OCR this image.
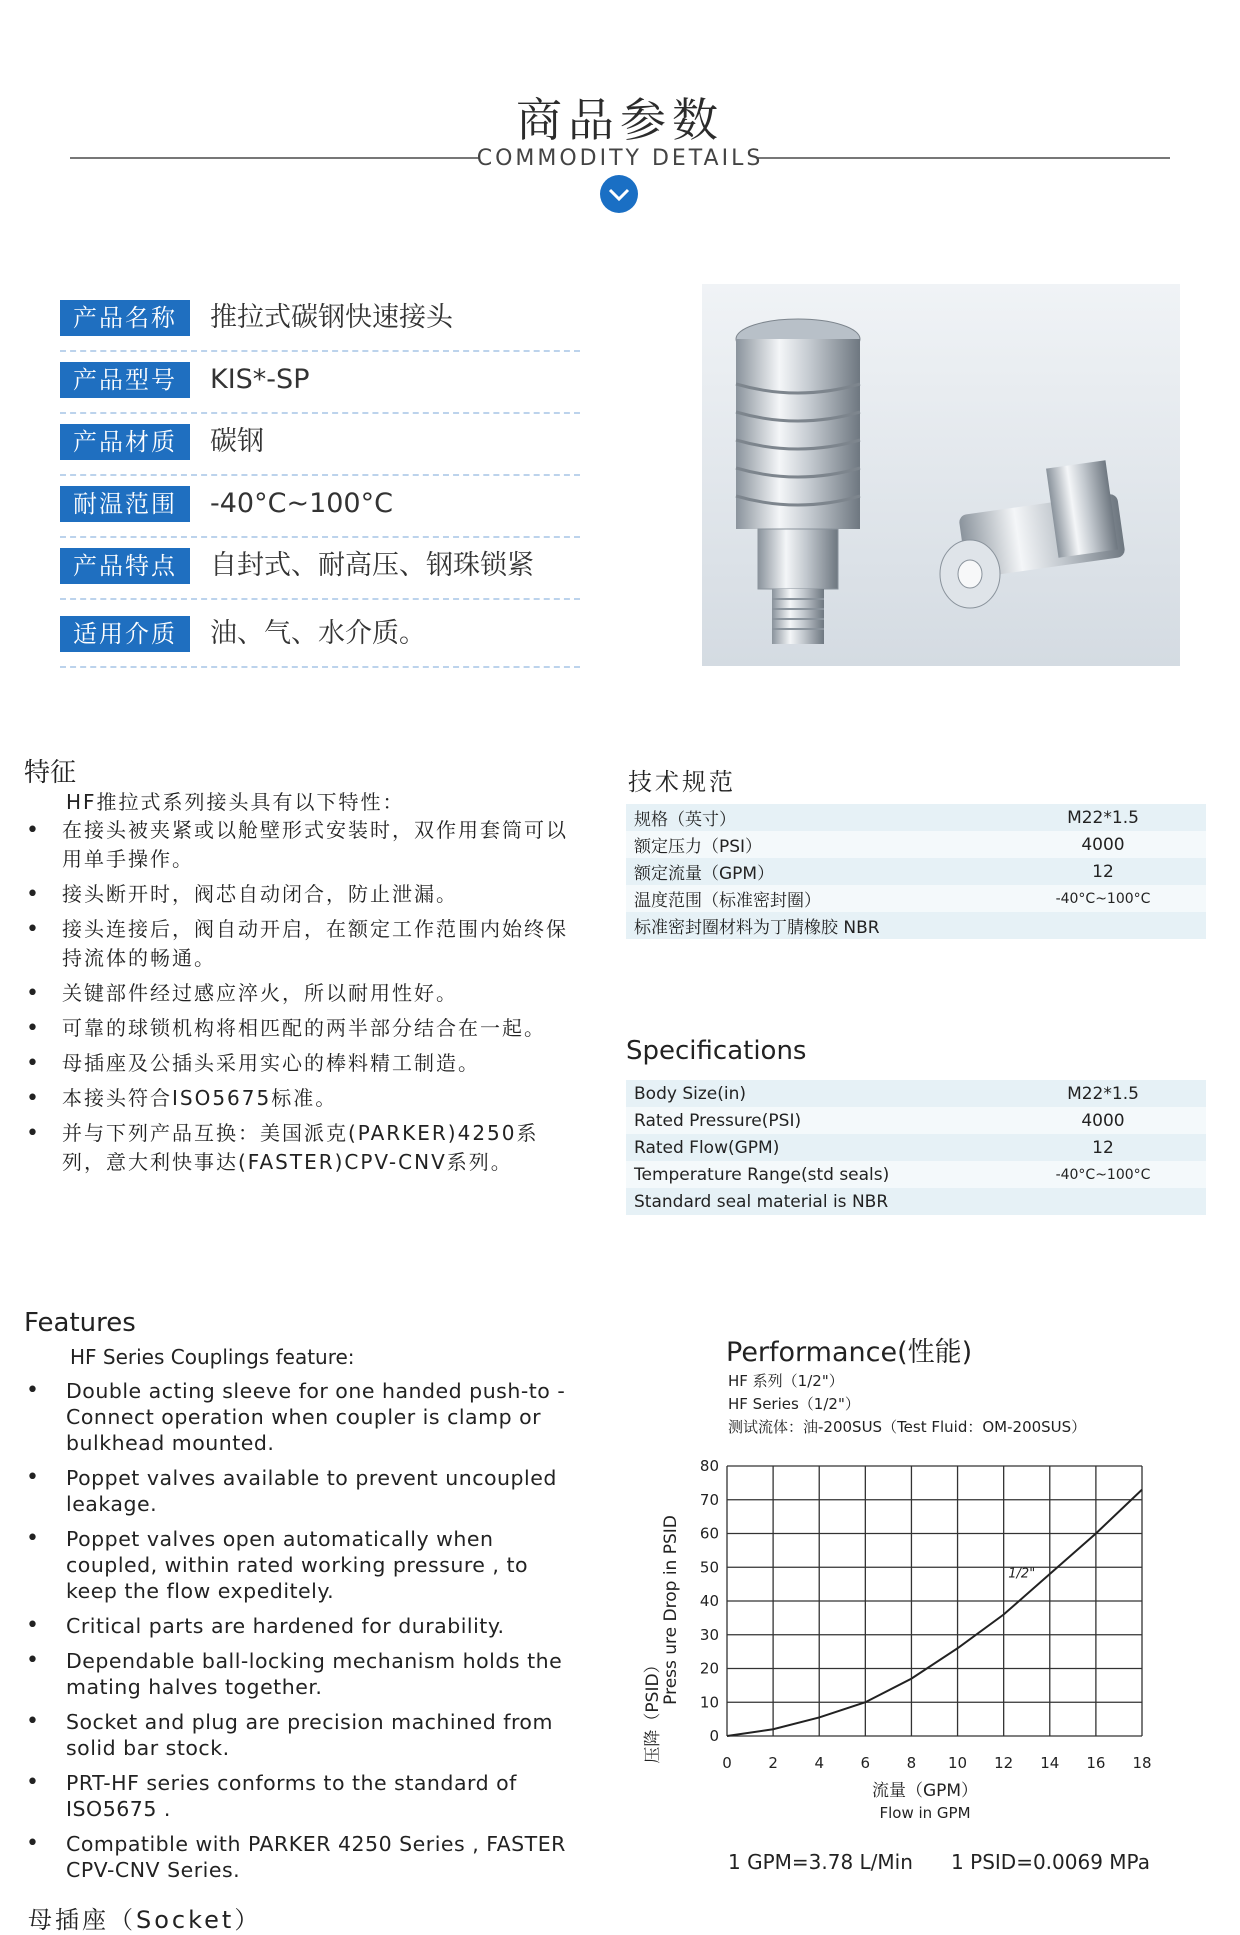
商品参数
COMMODITY DETAILS
产品名称	推拉式碳钢快速接头
产品型号	KIS*-SP
产品材质	碳钢
耐温范围	-40°C~100°C
产品特点	自封式、耐高压、钢珠锁紧
适用介质	油、气、水介质。
特征
HF推拉式系列接头具有以下特性：
• 在接头被夹紧或以舱壁形式安装时，双作用套筒可以用单手操作。
• 接头断开时，阀芯自动闭合，防止泄漏。
• 接头连接后，阀自动开启，在额定工作范围内始终保持流体的畅通。
• 关键部件经过感应淬火，所以耐用性好。
• 可靠的球锁机构将相匹配的两半部分结合在一起。
• 母插座及公插头采用实心的棒料精工制造。
• 本接头符合ISO5675标准。
• 并与下列产品互换：美国派克(PARKER)4250系列，意大利快事达(FASTER)CPV-CNV系列。
技术规范
规格（英寸）	M22*1.5
额定压力（PSI）	4000
额定流量（GPM）	12
温度范围（标准密封圈）	-40°C~100°C
标准密封圈材料为丁腈橡胶 NBR	
Specifications
Body Size(in)	M22*1.5
Rated Pressure(PSI)	4000
Rated Flow(GPM)	12
Temperature Range(std seals)	-40°C~100°C
Standard seal material is NBR	
Features
HF Series Couplings feature:
• Double acting sleeve for one handed push-to -Connect operation when coupler is clamp or bulkhead mounted.
• Poppet valves available to prevent uncoupled leakage.
• Poppet valves open automatically when coupled, within rated working pressure , to keep the flow expeditely.
• Critical parts are hardened for durability.
• Dependable ball-locking mechanism holds the mating halves together.
• Socket and plug are precision machined from solid bar stock.
• PRT-HF series conforms to the standard of ISO5675 .
• Compatible with PARKER 4250 Series , FASTER CPV-CNV Series.
Performance(性能)
HF 系列（1/2"）
HF Series（1/2"）
测试流体：油-200SUS（Test Fluid：OM-200SUS）
0 2 4 6 8 10 12 14 16 18
0
10
20
30
40
50
60
70
80
1/2"
压降（PSID）
Press ure Drop in PSID
流量（GPM）
Flow in GPM
1 GPM=3.78 L/Min      1 PSID=0.0069 MPa
母插座（Socket）
